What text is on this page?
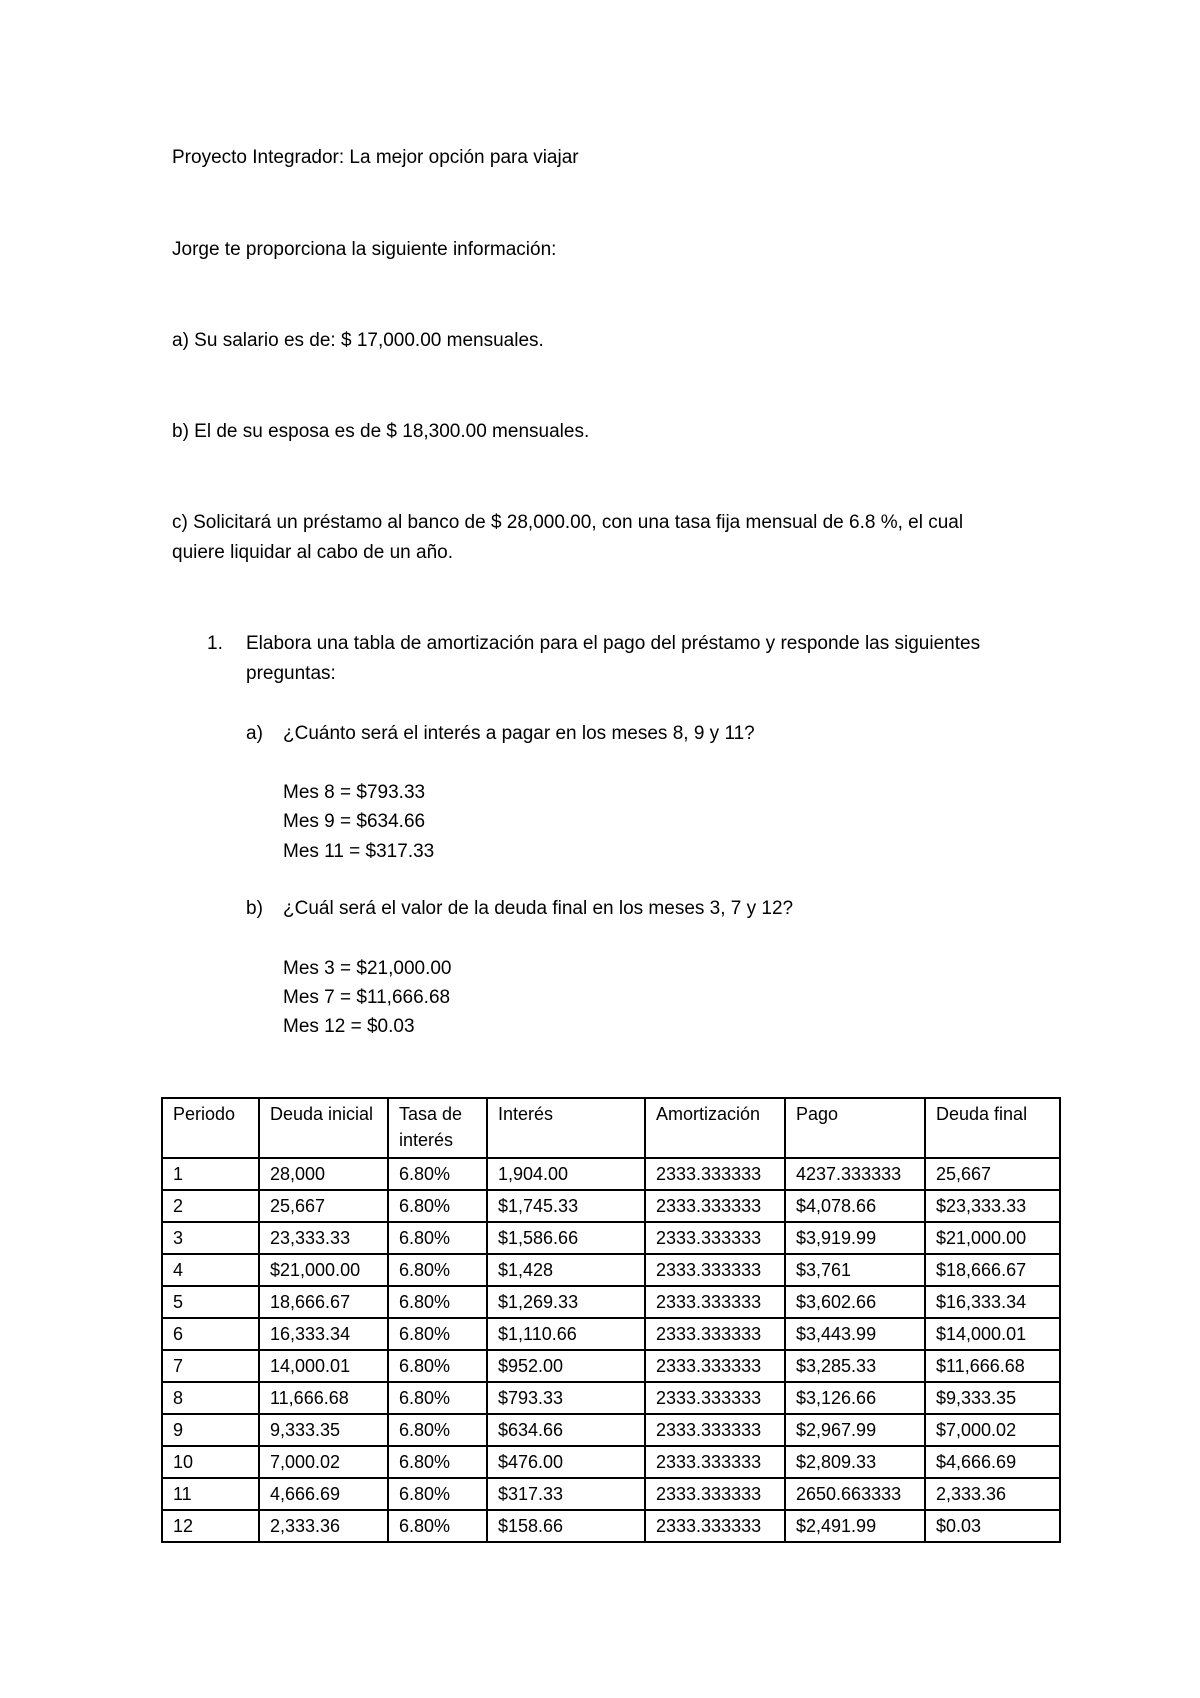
Proyecto Integrador: La mejor opción para viajar
Jorge te proporciona la siguiente información:
a) Su salario es de: $ 17,000.00 mensuales.
b) El de su esposa es de $ 18,300.00 mensuales.
c) Solicitará un préstamo al banco de $ 28,000.00, con una tasa fija mensual de 6.8 %, el cual
quiere liquidar al cabo de un año.
1. Elabora una tabla de amortización para el pago del préstamo y responde las siguientes
preguntas:
a) ¿Cuánto será el interés a pagar en los meses 8, 9 y 11?
Mes 8 = $793.33
Mes 9 = $634.66
Mes 11 = $317.33
b) ¿Cuál será el valor de la deuda final en los meses 3, 7 y 12?
Mes 3 = $21,000.00
Mes 7 = $11,666.68
Mes 12 = $0.03
Periodo	Deuda inicial	Tasa de interés	Interés	Amortización	Pago	Deuda final
1	28,000	6.80%	1,904.00	2333.333333	4237.333333	25,667
2	25,667	6.80%	$1,745.33	2333.333333	$4,078.66	$23,333.33
3	23,333.33	6.80%	$1,586.66	2333.333333	$3,919.99	$21,000.00
4	$21,000.00	6.80%	$1,428	2333.333333	$3,761	$18,666.67
5	18,666.67	6.80%	$1,269.33	2333.333333	$3,602.66	$16,333.34
6	16,333.34	6.80%	$1,110.66	2333.333333	$3,443.99	$14,000.01
7	14,000.01	6.80%	$952.00	2333.333333	$3,285.33	$11,666.68
8	11,666.68	6.80%	$793.33	2333.333333	$3,126.66	$9,333.35
9	9,333.35	6.80%	$634.66	2333.333333	$2,967.99	$7,000.02
10	7,000.02	6.80%	$476.00	2333.333333	$2,809.33	$4,666.69
11	4,666.69	6.80%	$317.33	2333.333333	2650.663333	2,333.36
12	2,333.36	6.80%	$158.66	2333.333333	$2,491.99	$0.03
